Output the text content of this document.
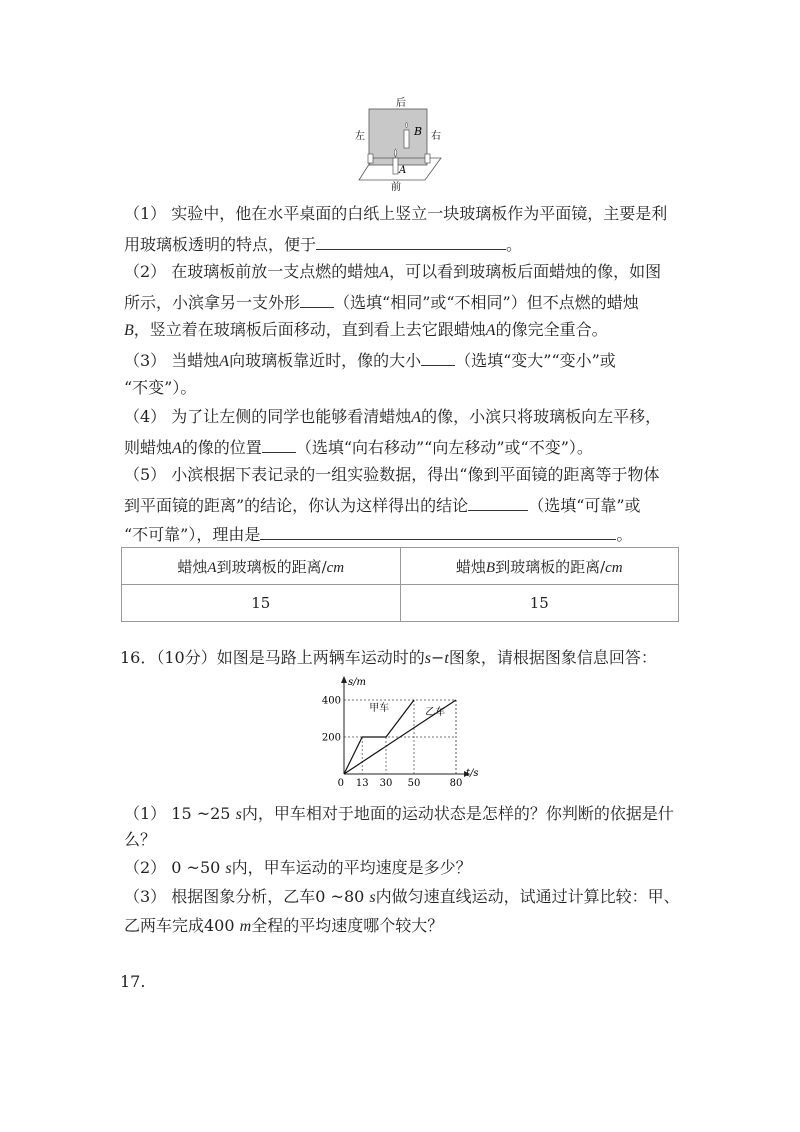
后
左	右
前
B
A
（1） 实验中，他在水平桌面的白纸上竖立一块玻璃板作为平面镜，主要是利
用玻璃板透明的特点，便于	。
（2） 在玻璃板前放一支点燃的蜡烛A，可以看到玻璃板后面蜡烛的像，如图
所示，小滨拿另一支外形 （选填“相同”或“不相同”）但不点燃的蜡烛
B，竖立着在玻璃板后面移动，直到看上去它跟蜡烛A的像完全重合。
（3） 当蜡烛A向玻璃板靠近时，像的大小 （选填“变大”“变小”或
“不变”）。
（4） 为了让左侧的同学也能够看清蜡烛A的像，小滨只将玻璃板向左平移，
则蜡烛A的像的位置 （选填“向右移动”“向左移动”或“不变”）。
（5） 小滨根据下表记录的一组实验数据，得出“像到平面镜的距离等于物体
到平面镜的距离”的结论，你认为这样得出的结论	（选填“可靠”或
“不可靠”），理由是	。
蜡烛A到玻璃板的距离/cm	蜡烛B到玻璃板的距离/cm
15	15
16．（10分）如图是马路上两辆车运动时的s−t图象，请根据图象信息回答：
甲车	乙车
0 13 30 50	80
200
400
t/s
s/m
（1） 15 ~25 s内，甲车相对于地面的运动状态是怎样的？你判断的依据是什
么？
（2） 0 ~50 s内，甲车运动的平均速度是多少？
（3） 根据图象分析，乙车0 ~80 s内做匀速直线运动，试通过计算比较：甲、
乙两车完成400 m全程的平均速度哪个较大？
17.
